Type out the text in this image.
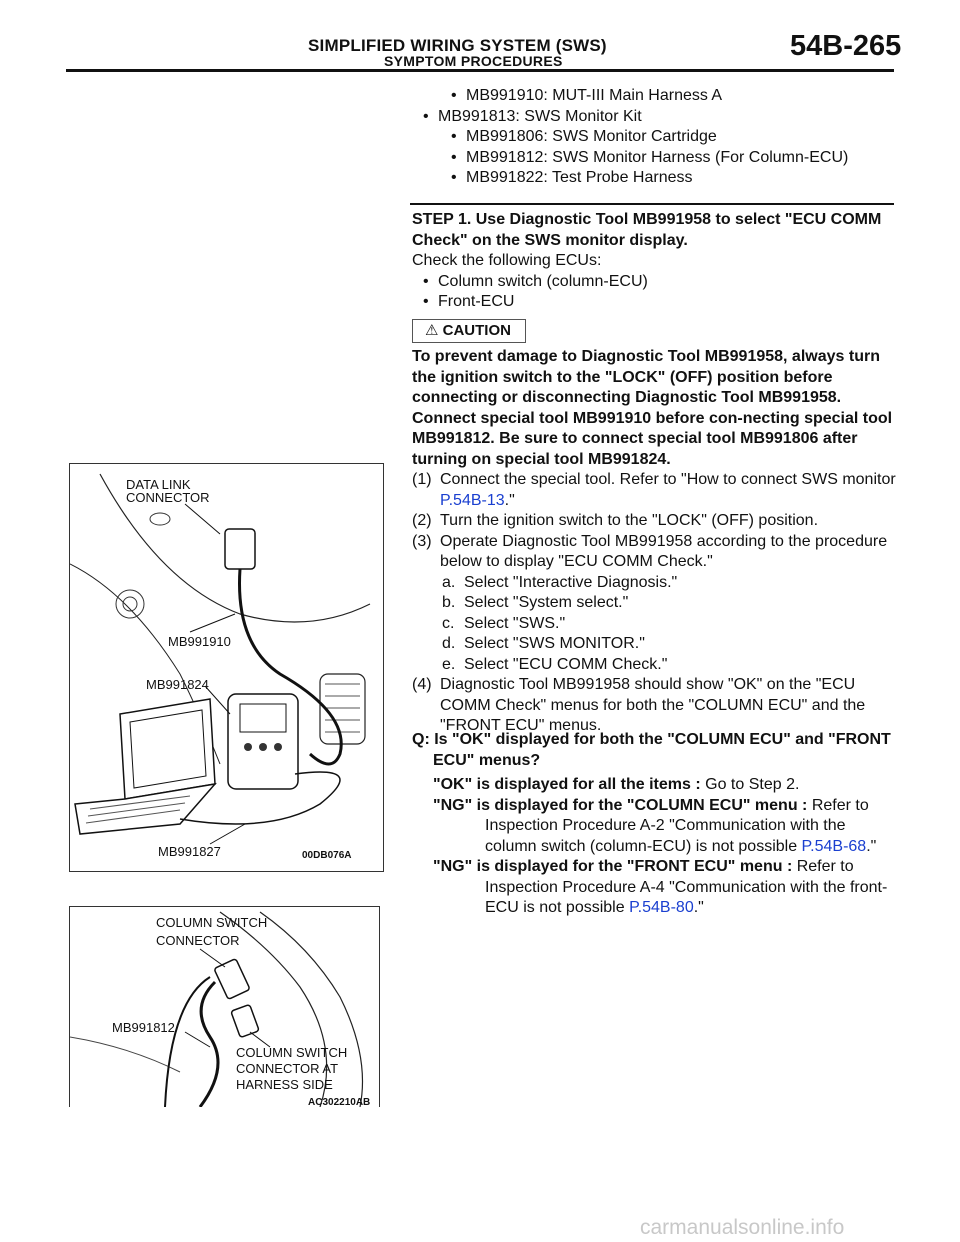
SIMPLIFIED WIRING SYSTEM (SWS)
SYMPTOM PROCEDURES	54B-265
• MB991910: MUT-III Main Harness A
• MB991813: SWS Monitor Kit
• MB991806: SWS Monitor Cartridge
• MB991812: SWS Monitor Harness (For Column-ECU)
• MB991822: Test Probe Harness
STEP 1. Use Diagnostic Tool MB991958 to select "ECU COMM Check" on the SWS monitor display.
Check the following ECUs:
• Column switch (column-ECU)
• Front-ECU
⚠ CAUTION
To prevent damage to Diagnostic Tool MB991958, always turn the ignition switch to the "LOCK" (OFF) position before connecting or disconnecting Diagnostic Tool MB991958. Connect special tool MB991910 before con-necting special tool MB991812. Be sure to connect special tool MB991806 after turning on special tool MB991824.
(1) Connect the special tool. Refer to "How to connect SWS monitor P.54B-13."
(2) Turn the ignition switch to the "LOCK" (OFF) position.
(3) Operate Diagnostic Tool MB991958 according to the procedure below to display "ECU COMM Check."
a. Select "Interactive Diagnosis."
b. Select "System select."
c. Select "SWS."
d. Select "SWS MONITOR."
e. Select "ECU COMM Check."
(4) Diagnostic Tool MB991958 should show "OK" on the "ECU COMM Check" menus for both the "COLUMN ECU" and the "FRONT ECU" menus.
Q: Is "OK" displayed for both the "COLUMN ECU" and "FRONT ECU" menus?
"OK" is displayed for all the items : Go to Step 2.
"NG" is displayed for the "COLUMN ECU" menu : Refer to Inspection Procedure A-2 "Communication with the column switch (column-ECU) is not possible P.54B-68."
"NG" is displayed for the "FRONT ECU" menu : Refer to Inspection Procedure A-4 "Communication with the front-ECU is not possible P.54B-80."
DATA LINK
CONNECTOR
MB991910
MB991824
MB991827	00DB076A
COLUMN SWITCH
CONNECTOR
MB991812
COLUMN SWITCH
CONNECTOR AT
HARNESS SIDE
AC302210AB
carmanualsonline.info
